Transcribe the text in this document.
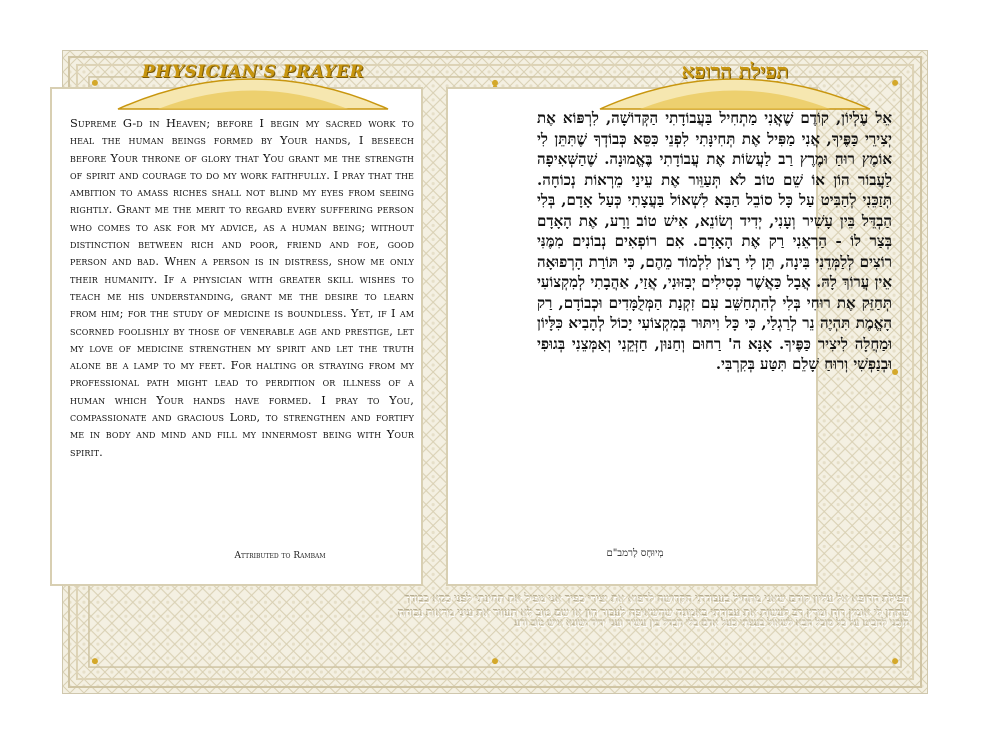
PHYSICIAN'S PRAYER	תפילת הרופא

Supreme G-d in Heaven; before I begin my sacred work to heal the human beings formed by Your hands, I beseech before Your throne of glory that You grant me the strength of spirit and courage to do my work faithfully. I pray that the ambition to amass riches shall not blind my eyes from seeing rightly. Grant me the merit to regard every suffering person who comes to ask for my advice, as a human being; without distinction between rich and poor, friend and foe, good person and bad. When a person is in distress, show me only their humanity. If a physician with greater skill wishes to teach me his understanding, grant me the desire to learn from him; for the study of medicine is boundless. Yet, if I am scorned foolishly by those of venerable age and prestige, let my love of medicine strengthen my spirit and let the truth alone be a lamp to my feet. For halting or straying from my professional path might lead to perdition or illness of a human which Your hands have formed. I pray to You, compassionate and gracious Lord, to strengthen and fortify me in body and mind and fill my innermost being with Your spirit.

Attributed to Rambam

אֵל עֶלְיוֹן, קוֹדֶם שֶׁאֲנִי מַתְחִיל בַּעֲבוֹדָתִי הַקְּדוֹשָׁה, לִרְפּוֹא אֶת יְצִירֵי כַּפֶּיךָ, אֲנִי מַפִּיל אֶת תְּחִינָּתִי לִפְנֵי כִּסֵּא כְּבוֹדְךָ שֶׁתִּתֵּן לִי אוֹמֶץ רוּחַ וּמֶרֶץ רַב לַעֲשׂוֹת אֶת עֲבוֹדָתִי בֶּאֱמוּנָה. שֶׁהַשְּׁאִיפָה לַעֲבוֹר הוֹן אוֹ שֵׁם טוֹב לֹא תְּעַוֵּור אֶת עֵינַי מֵרְאוֹת נְכוֹחָה. תְּזַכֵּנִי לְהַבִּיט עַל כָּל סוֹבֵל הַבָּא לִשְׁאוֹל בַּעֲצָתִי כְּעַל אָדָם, בְּלִי הַבְדֵּל בֵּין עָשִׁיר וְעָנִי, יְדִיד וְשׂוֹנֵא, אִישׁ טוֹב וָרָע, אֶת הָאָדָם בְּצַר לוֹ - הַרְאֵנִי רַק אֶת הָאָדָם. אִם רוֹפְאִים נְבוֹנִים מִמֶּנִּי רוֹצִים לְלַמְּדֵנִי בִּינָה, תֵּן לִי רָצוֹן לִלְמוֹד מֵהֶם, כִּי תּוֹרַת הָרְפוּאָה אֵין עֲרוֹךְ לָהּ. אֲבָל כַּאֲשֶׁר כְּסִילִים יְבַזּוּנִי, אֲזַי, אַהֲבָתִי לְמִקְצוֹעִי תְּחַזֵּק אֶת רוּחִי בְּלִי לְהִתְחַשֵּׁב עִם זִקְנַת הַמְּלֻמָּדִים וּכְבוֹדָם, רַק הָאֱמֶת תִּהְיֶה נֵר לְרַגְלַי, כִּי כָּל וִיתּוּר בְּמִקְצוֹעִי יָכוֹל לְהָבִיא כִּלָּיוֹן וּמַחֲלָה לִיצִיר כַּפֶּיךָ. אָנָּא ה' רַחוּם וְחַנּוּן, חַזְּקֵנִי וְאַמְּצֵנִי בְּגוּפִי וּבְנַפְשִׁי וְרוּחַ שָׁלֵם תִּטַּע בְּקִרְבִּי.

מְיוּחָס לָרמב"ם
תפילת הרופא אל עליון קודם שאני מתחיל בעבודתי הקדושה לרפוא את יצירי כפיך אני מפיל את תחינתי לפני כסא כבודך
שתתן לי אומץ רוח ומרץ רב לעשות את עבודתי באמונה שהשאיפה לעבור הון או שם טוב לא תעוור את עיני מראות נכוחה
תזכני להביט על כל סובל הבא לשאול בעצתי כעל אדם בלי הבדל בין עשיר ועני ידיד ושונא איש טוב ורע
